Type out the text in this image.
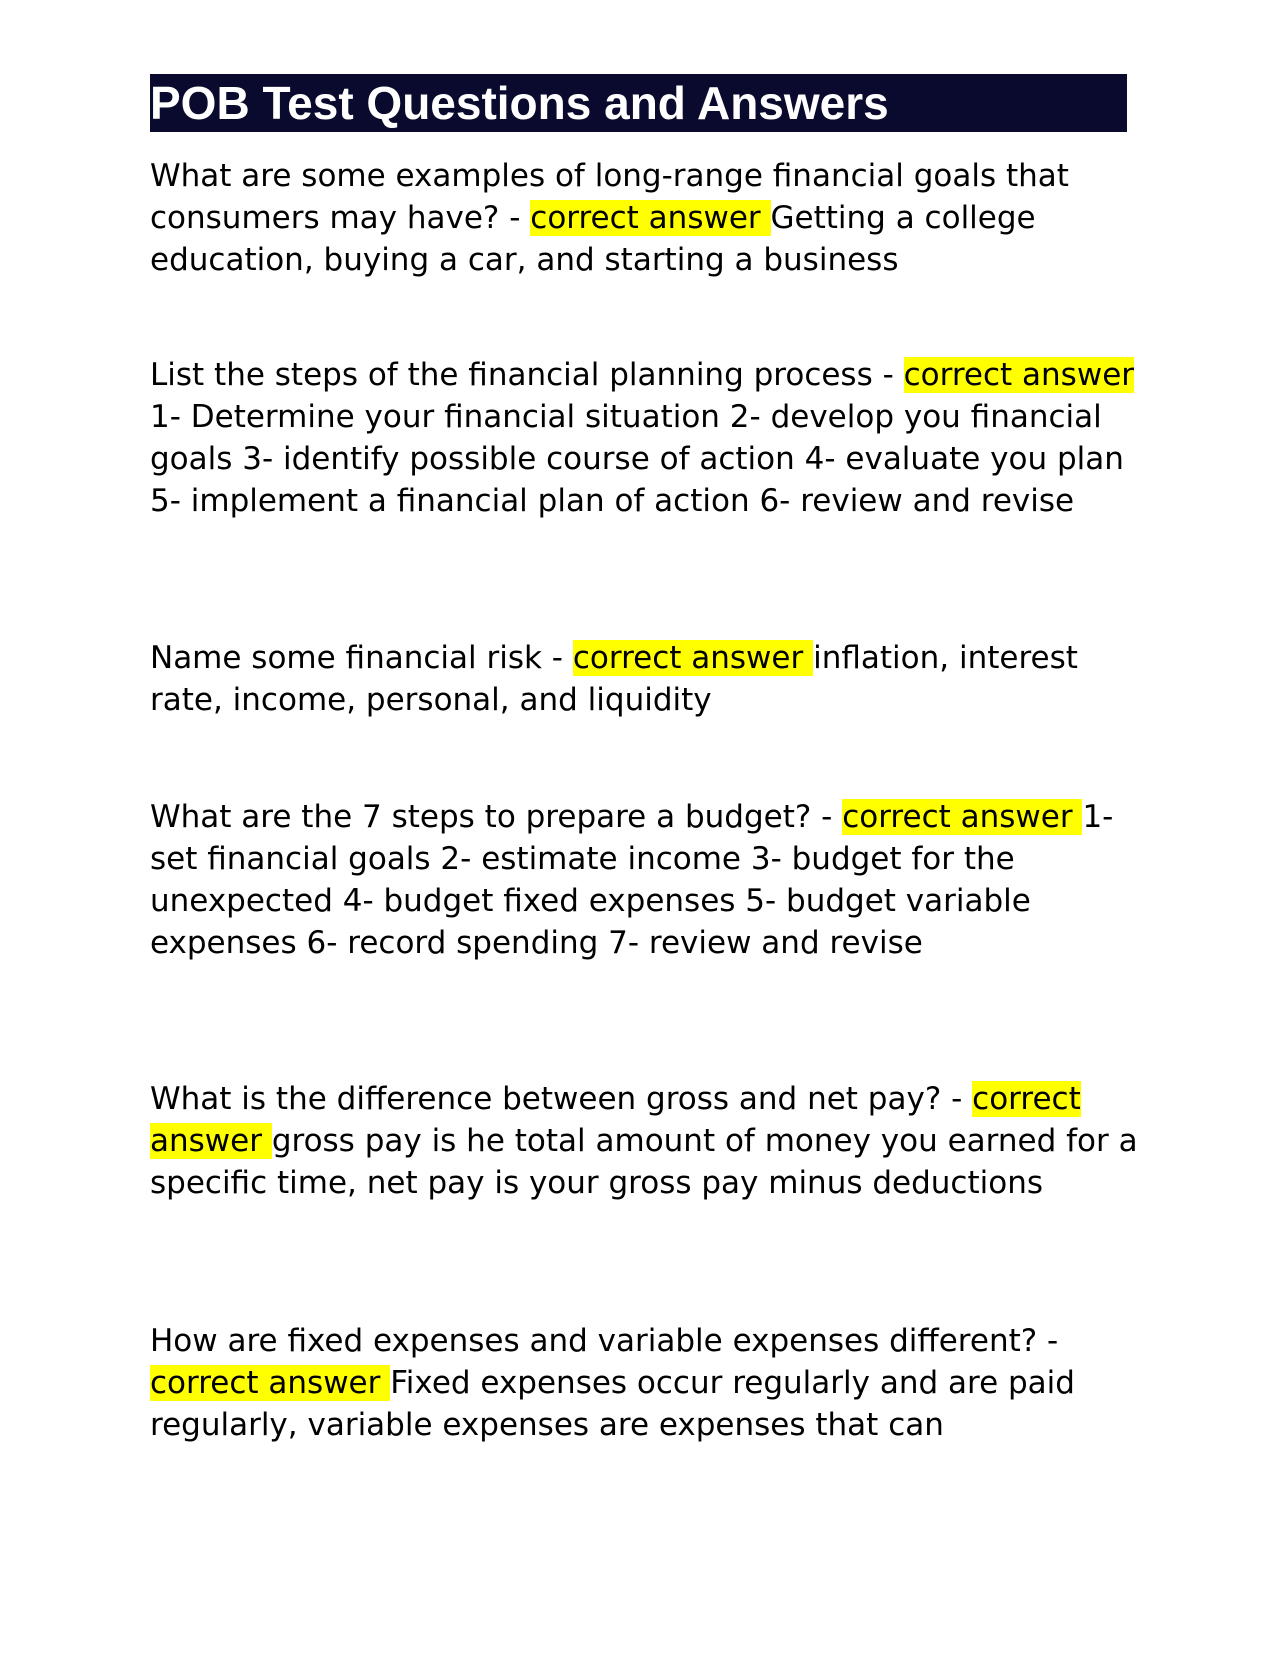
POB Test Questions and Answers

What are some examples of long-range financial goals that consumers may have? - correct answer Getting a college education, buying a car, and starting a business

List the steps of the financial planning process - correct answer 1- Determine your financial situation 2- develop you financial goals 3- identify possible course of action 4- evaluate you plan 5- implement a financial plan of action 6- review and revise

Name some financial risk - correct answer inflation, interest rate, income, personal, and liquidity

What are the 7 steps to prepare a budget? - correct answer 1- set financial goals 2- estimate income 3- budget for the unexpected 4- budget fixed expenses 5- budget variable expenses 6- record spending 7- review and revise

What is the difference between gross and net pay? - correct answer gross pay is he total amount of money you earned for a specific time, net pay is your gross pay minus deductions

How are fixed expenses and variable expenses different? - correct answer Fixed expenses occur regularly and are paid regularly, variable expenses are expenses that can
